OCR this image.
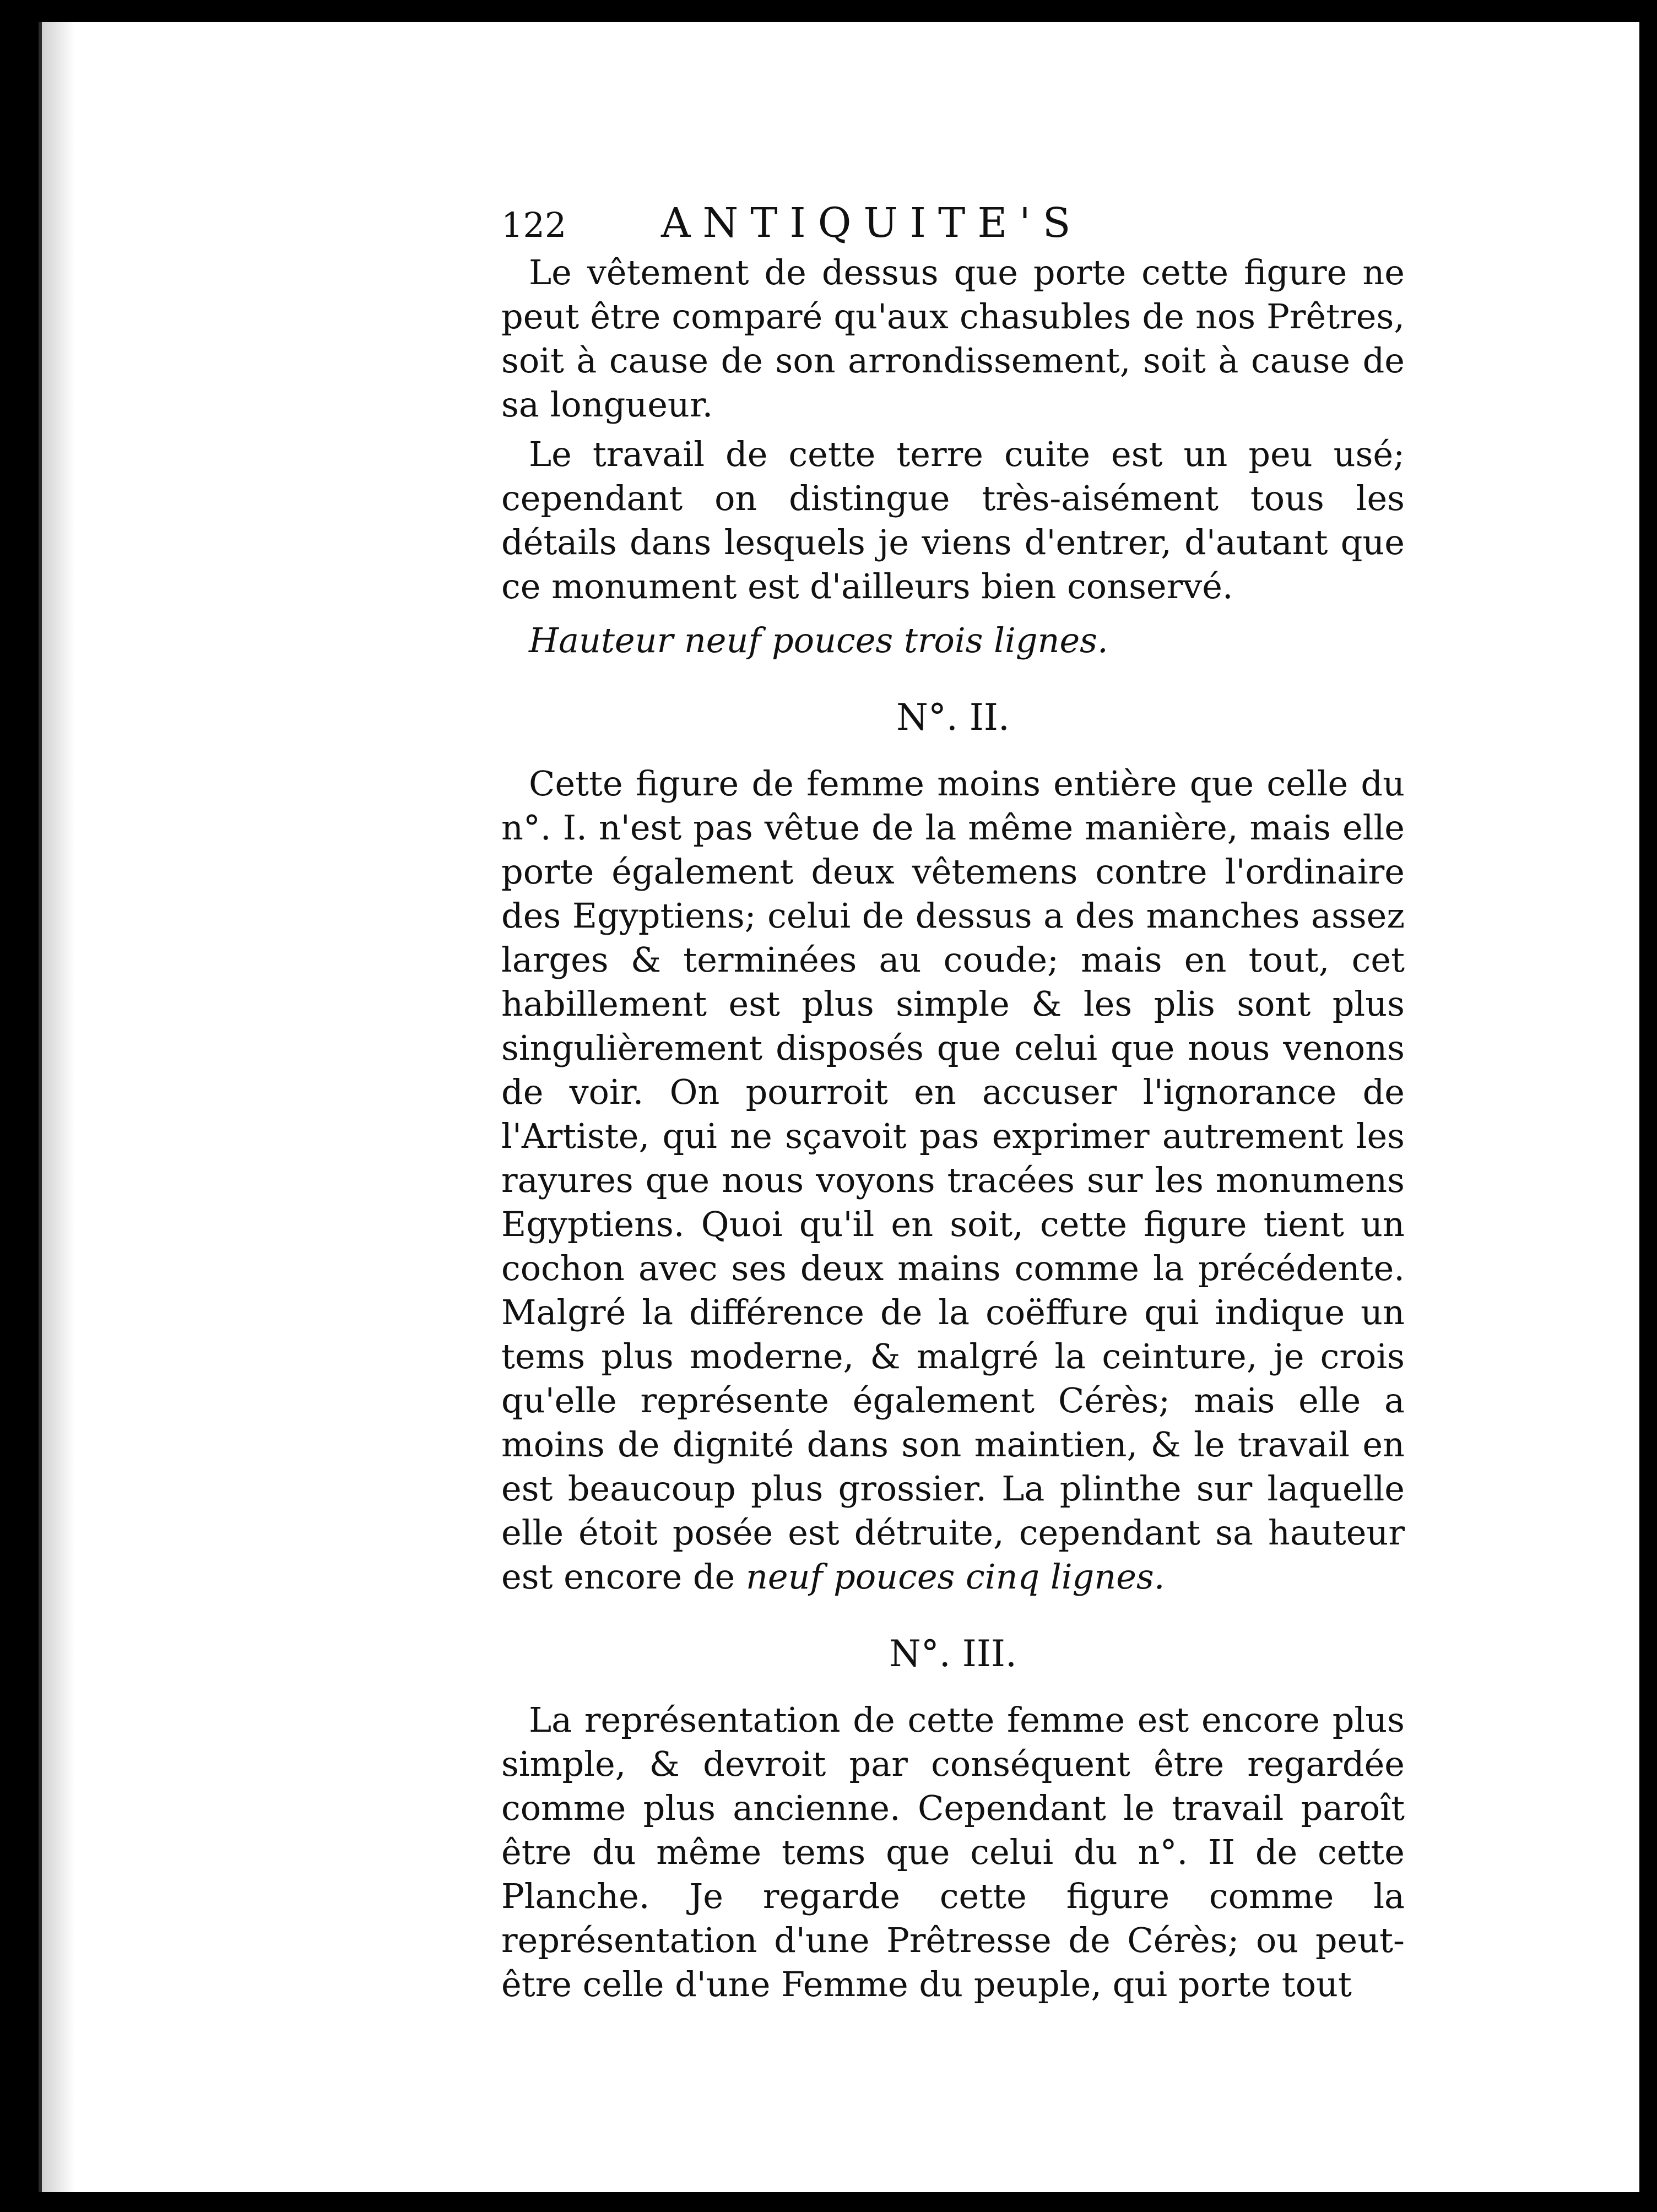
122	ANTIQUITE'S

Le vêtement de dessus que porte cette figure ne peut être comparé qu'aux chasubles de nos Prêtres, soit à cause de son arrondissement, soit à cause de sa longueur.

Le travail de cette terre cuite est un peu usé; cependant on distingue très-aisément tous les détails dans lesquels je viens d'entrer, d'autant que ce monument est d'ailleurs bien conservé.

Hauteur neuf pouces trois lignes.

N°. II.

Cette figure de femme moins entière que celle du n°. I. n'est pas vêtue de la même manière, mais elle porte également deux vêtemens contre l'ordinaire des Egyptiens; celui de dessus a des manches assez larges & terminées au coude; mais en tout, cet habillement est plus simple & les plis sont plus singulièrement disposés que celui que nous venons de voir. On pourroit en accuser l'ignorance de l'Artiste, qui ne sçavoit pas exprimer autrement les rayures que nous voyons tracées sur les monumens Egyptiens. Quoi qu'il en soit, cette figure tient un cochon avec ses deux mains comme la précédente. Malgré la différence de la coëffure qui indique un tems plus moderne, & malgré la ceinture, je crois qu'elle représente également Cérès; mais elle a moins de dignité dans son maintien, & le travail en est beaucoup plus grossier. La plinthe sur laquelle elle étoit posée est détruite, cependant sa hauteur est encore de neuf pouces cinq lignes.

N°. III.

La représentation de cette femme est encore plus simple, & devroit par conséquent être regardée comme plus ancienne. Cependant le travail paroît être du même tems que celui du n°. II de cette Planche. Je regarde cette figure comme la représentation d'une Prêtresse de Cérès; ou peut-être celle d'une Femme du peuple, qui porte tout
